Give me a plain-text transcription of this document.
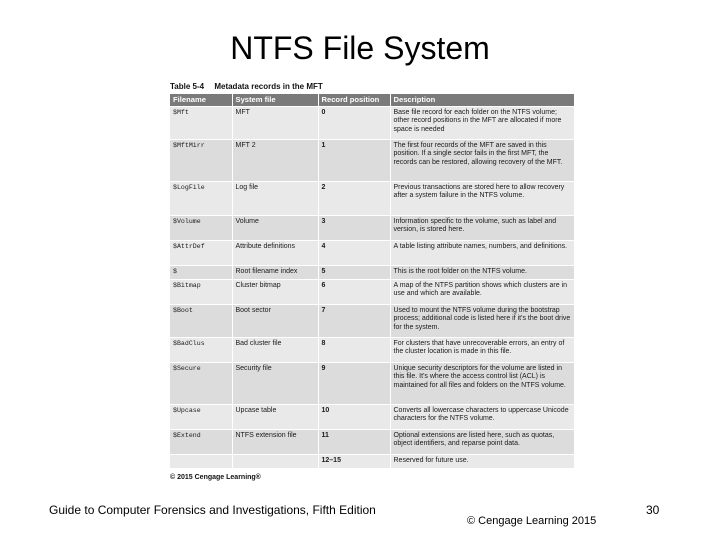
NTFS File System
Table 5-4 Metadata records in the MFT
Filename	System file	Record position	Description
$Mft	MFT	0	Base file record for each folder on the NTFS volume; other record positions in the MFT are allocated if more space is needed
$MftMirr	MFT 2	1	The first four records of the MFT are saved in this position. If a single sector fails in the first MFT, the records can be restored, allowing recovery of the MFT.
$LogFile	Log file	2	Previous transactions are stored here to allow recovery after a system failure in the NTFS volume.
$Volume	Volume	3	Information specific to the volume, such as label and version, is stored here.
$AttrDef	Attribute definitions	4	A table listing attribute names, numbers, and definitions.
$	Root filename index	5	This is the root folder on the NTFS volume.
$Bitmap	Cluster bitmap	6	A map of the NTFS partition shows which clusters are in use and which are available.
$Boot	Boot sector	7	Used to mount the NTFS volume during the bootstrap process; additional code is listed here if it's the boot drive for the system.
$BadClus	Bad cluster file	8	For clusters that have unrecoverable errors, an entry of the cluster location is made in this file.
$Secure	Security file	9	Unique security descriptors for the volume are listed in this file. It's where the access control list (ACL) is maintained for all files and folders on the NTFS volume.
$Upcase	Upcase table	10	Converts all lowercase characters to uppercase Unicode characters for the NTFS volume.
$Extend	NTFS extension file	11	Optional extensions are listed here, such as quotas, object identifiers, and reparse point data.
		12–15	Reserved for future use.
© 2015 Cengage Learning®
Guide to Computer Forensics and Investigations, Fifth Edition
© Cengage Learning 2015
30
